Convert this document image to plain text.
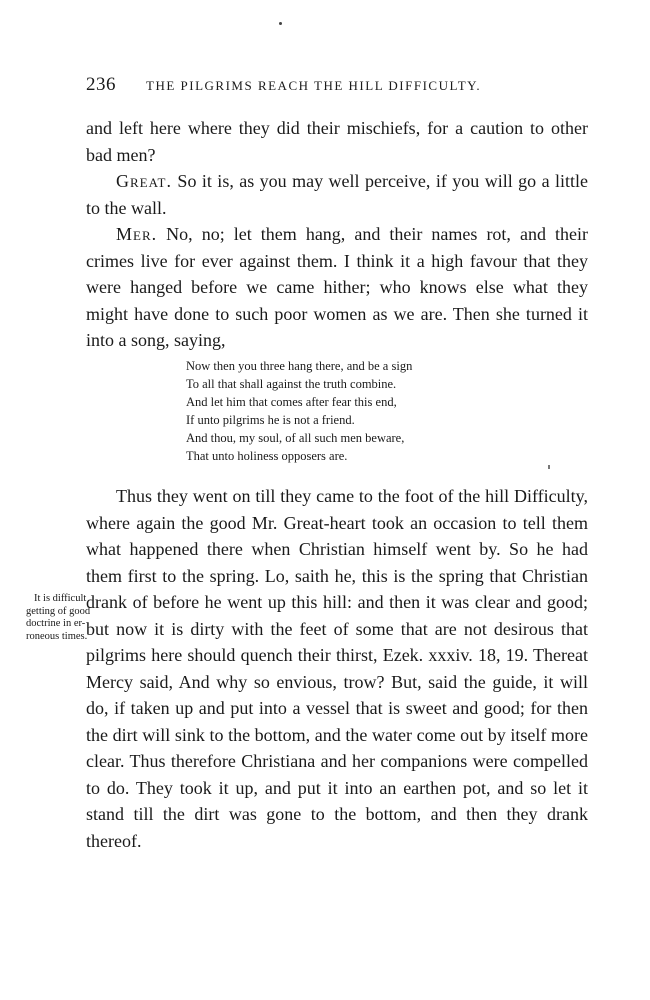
236 THE PILGRIMS REACH THE HILL DIFFICULTY.

and left here where they did their mischiefs, for a caution to other bad men?

Great. So it is, as you may well perceive, if you will go a little to the wall.

Mer. No, no; let them hang, and their names rot, and their crimes live for ever against them. I think it a high favour that they were hanged before we came hither; who knows else what they might have done to such poor women as we are. Then she turned it into a song, saying,

Now then you three hang there, and be a sign
To all that shall against the truth combine.
And let him that comes after fear this end,
If unto pilgrims he is not a friend.
And thou, my soul, of all such men beware,
That unto holiness opposers are.

Thus they went on till they came to the foot of the hill Difficulty, where again the good Mr. Great-heart took an occasion to tell them what happened there when Christian himself went by. So he had them first to the spring. Lo, saith he, this is the spring that Christian drank of before he went up this hill: and then it was clear and good; but now it is dirty with the feet of some that are not desirous that pilgrims here should quench their thirst, Ezek. xxxiv. 18, 19. Thereat Mercy said, And why so envious, trow? But, said the guide, it will do, if taken up and put into a vessel that is sweet and good; for then the dirt will sink to the bottom, and the water come out by itself more clear. Thus therefore Christiana and her companions were compelled to do. They took it up, and put it into an earthen pot, and so let it stand till the dirt was gone to the bottom, and then they drank thereof.

It is difficult
getting of good
doctrine in er-
roneous times.
